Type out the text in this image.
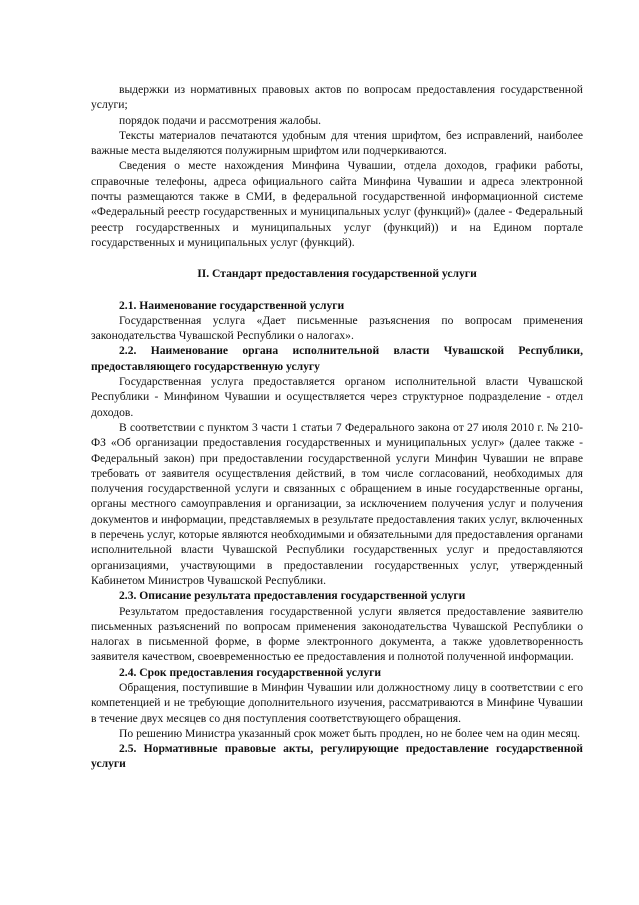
выдержки из нормативных правовых актов по вопросам предоставления государственной услуги;

порядок подачи и рассмотрения жалобы.

Тексты материалов печатаются удобным для чтения шрифтом, без исправлений, наиболее важные места выделяются полужирным шрифтом или подчеркиваются.

Сведения о месте нахождения Минфина Чувашии, отдела доходов, графики работы, справочные телефоны, адреса официального сайта Минфина Чувашии и адреса электронной почты размещаются также в СМИ, в федеральной государственной информационной системе «Федеральный реестр государственных и муниципальных услуг (функций)» (далее - Федеральный реестр государственных и муниципальных услуг (функций)) и на Едином портале государственных и муниципальных услуг (функций).

II. Стандарт предоставления государственной услуги
2.1. Наименование государственной услуги

Государственная услуга «Дает письменные разъяснения по вопросам применения законодательства Чувашской Республики о налогах».

2.2. Наименование органа исполнительной власти Чувашской Республики, предоставляющего государственную услугу

Государственная услуга предоставляется органом исполнительной власти Чувашской Республики - Минфином Чувашии и осуществляется через структурное подразделение - отдел доходов.

В соответствии с пунктом 3 части 1 статьи 7 Федерального закона от 27 июля 2010 г. № 210-ФЗ «Об организации предоставления государственных и муниципальных услуг» (далее также - Федеральный закон) при предоставлении государственной услуги Минфин Чувашии не вправе требовать от заявителя осуществления действий, в том числе согласований, необходимых для получения государственной услуги и связанных с обращением в иные государственные органы, органы местного самоуправления и организации, за исключением получения услуг и получения документов и информации, представляемых в результате предоставления таких услуг, включенных в перечень услуг, которые являются необходимыми и обязательными для предоставления органами исполнительной власти Чувашской Республики государственных услуг и предоставляются организациями, участвующими в предоставлении государственных услуг, утвержденный Кабинетом Министров Чувашской Республики.

2.3. Описание результата предоставления государственной услуги

Результатом предоставления государственной услуги является предоставление заявителю письменных разъяснений по вопросам применения законодательства Чувашской Республики о налогах в письменной форме, в форме электронного документа, а также удовлетворенность заявителя качеством, своевременностью ее предоставления и полнотой полученной информации.

2.4. Срок предоставления государственной услуги

Обращения, поступившие в Минфин Чувашии или должностному лицу в соответствии с его компетенцией и не требующие дополнительного изучения, рассматриваются в Минфине Чувашии в течение двух месяцев со дня поступления соответствующего обращения.

По решению Министра указанный срок может быть продлен, но не более чем на один месяц.

2.5. Нормативные правовые акты, регулирующие предоставление государственной услуги
